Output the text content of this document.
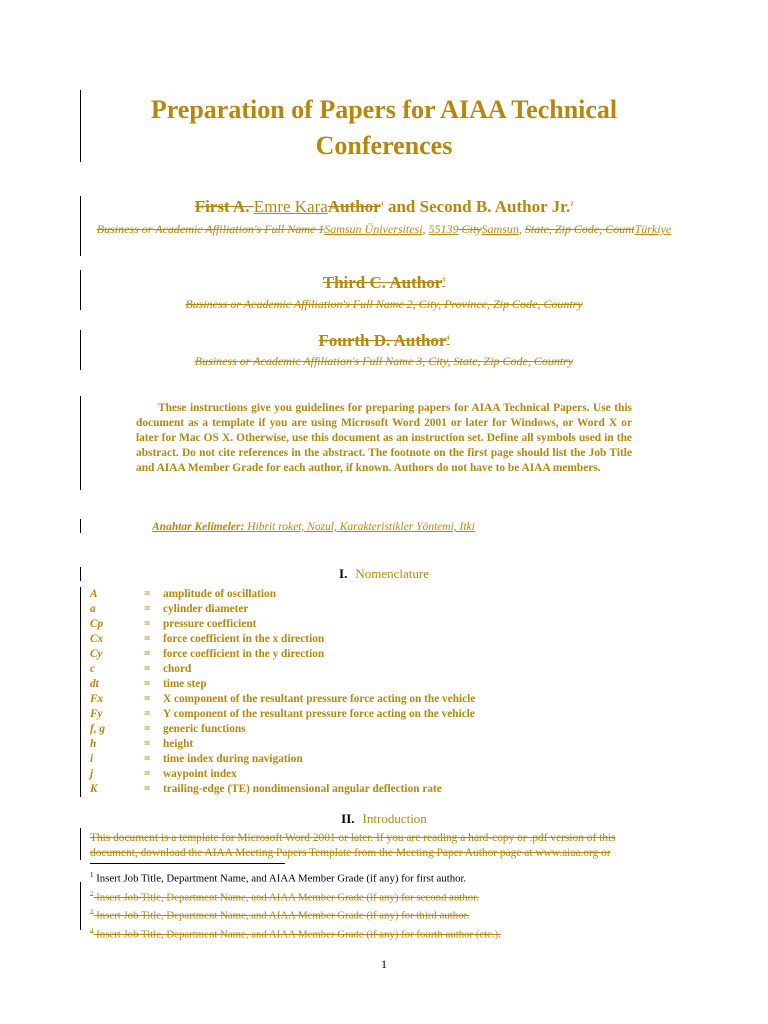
Preparation of Papers for AIAA Technical Conferences
First A. Emre KaraAuthor$^1$ and Second B. Author Jr.$^2$
Business or Academic Affiliation's Full Name 1Samsun Üniversitesi, 55139 CitySamsun, State, Zip Code, CountTürkiye
Third C. Author$^3$
Business or Academic Affiliation's Full Name 2, City, Province, Zip Code, Country
Fourth D. Author$^4$
Business or Academic Affiliation's Full Name 3, City, State, Zip Code, Country

These instructions give you guidelines for preparing papers for AIAA Technical Papers. Use this document as a template if you are using Microsoft Word 2001 or later for Windows, or Word X or later for Mac OS X. Otherwise, use this document as an instruction set. Define all symbols used in the abstract. Do not cite references in the abstract. The footnote on the first page should list the Job Title and AIAA Member Grade for each author, if known. Authors do not have to be AIAA members.

Anahtar Kelimeler: Hibrit roket, Nozul, Karakteristikler Yöntemi, Itki
I. Nomenclature
A	= amplitude of oscillation
a	= cylinder diameter
Cp	= pressure coefficient
Cx	= force coefficient in the x direction
Cy	= force coefficient in the y direction
c	= chord
dt	= time step
Fx	= X component of the resultant pressure force acting on the vehicle
Fy	= Y component of the resultant pressure force acting on the vehicle
f, g	= generic functions
h	= height
i	= time index during navigation
j	= waypoint index
K	= trailing-edge (TE) nondimensional angular deflection rate
II. Introduction
This document is a template for Microsoft Word 2001 or later. If you are reading a hard-copy or .pdf version of this
document, download the AIAA Meeting Papers Template from the Meeting Paper Author page at www.aiaa.org or
$^1$ Insert Job Title, Department Name, and AIAA Member Grade (if any) for first author.
$^2$ Insert Job Title, Department Name, and AIAA Member Grade (if any) for second author.
$^3$ Insert Job Title, Department Name, and AIAA Member Grade (if any) for third author.
$^4$ Insert Job Title, Department Name, and AIAA Member Grade (if any) for fourth author (etc.).
1
